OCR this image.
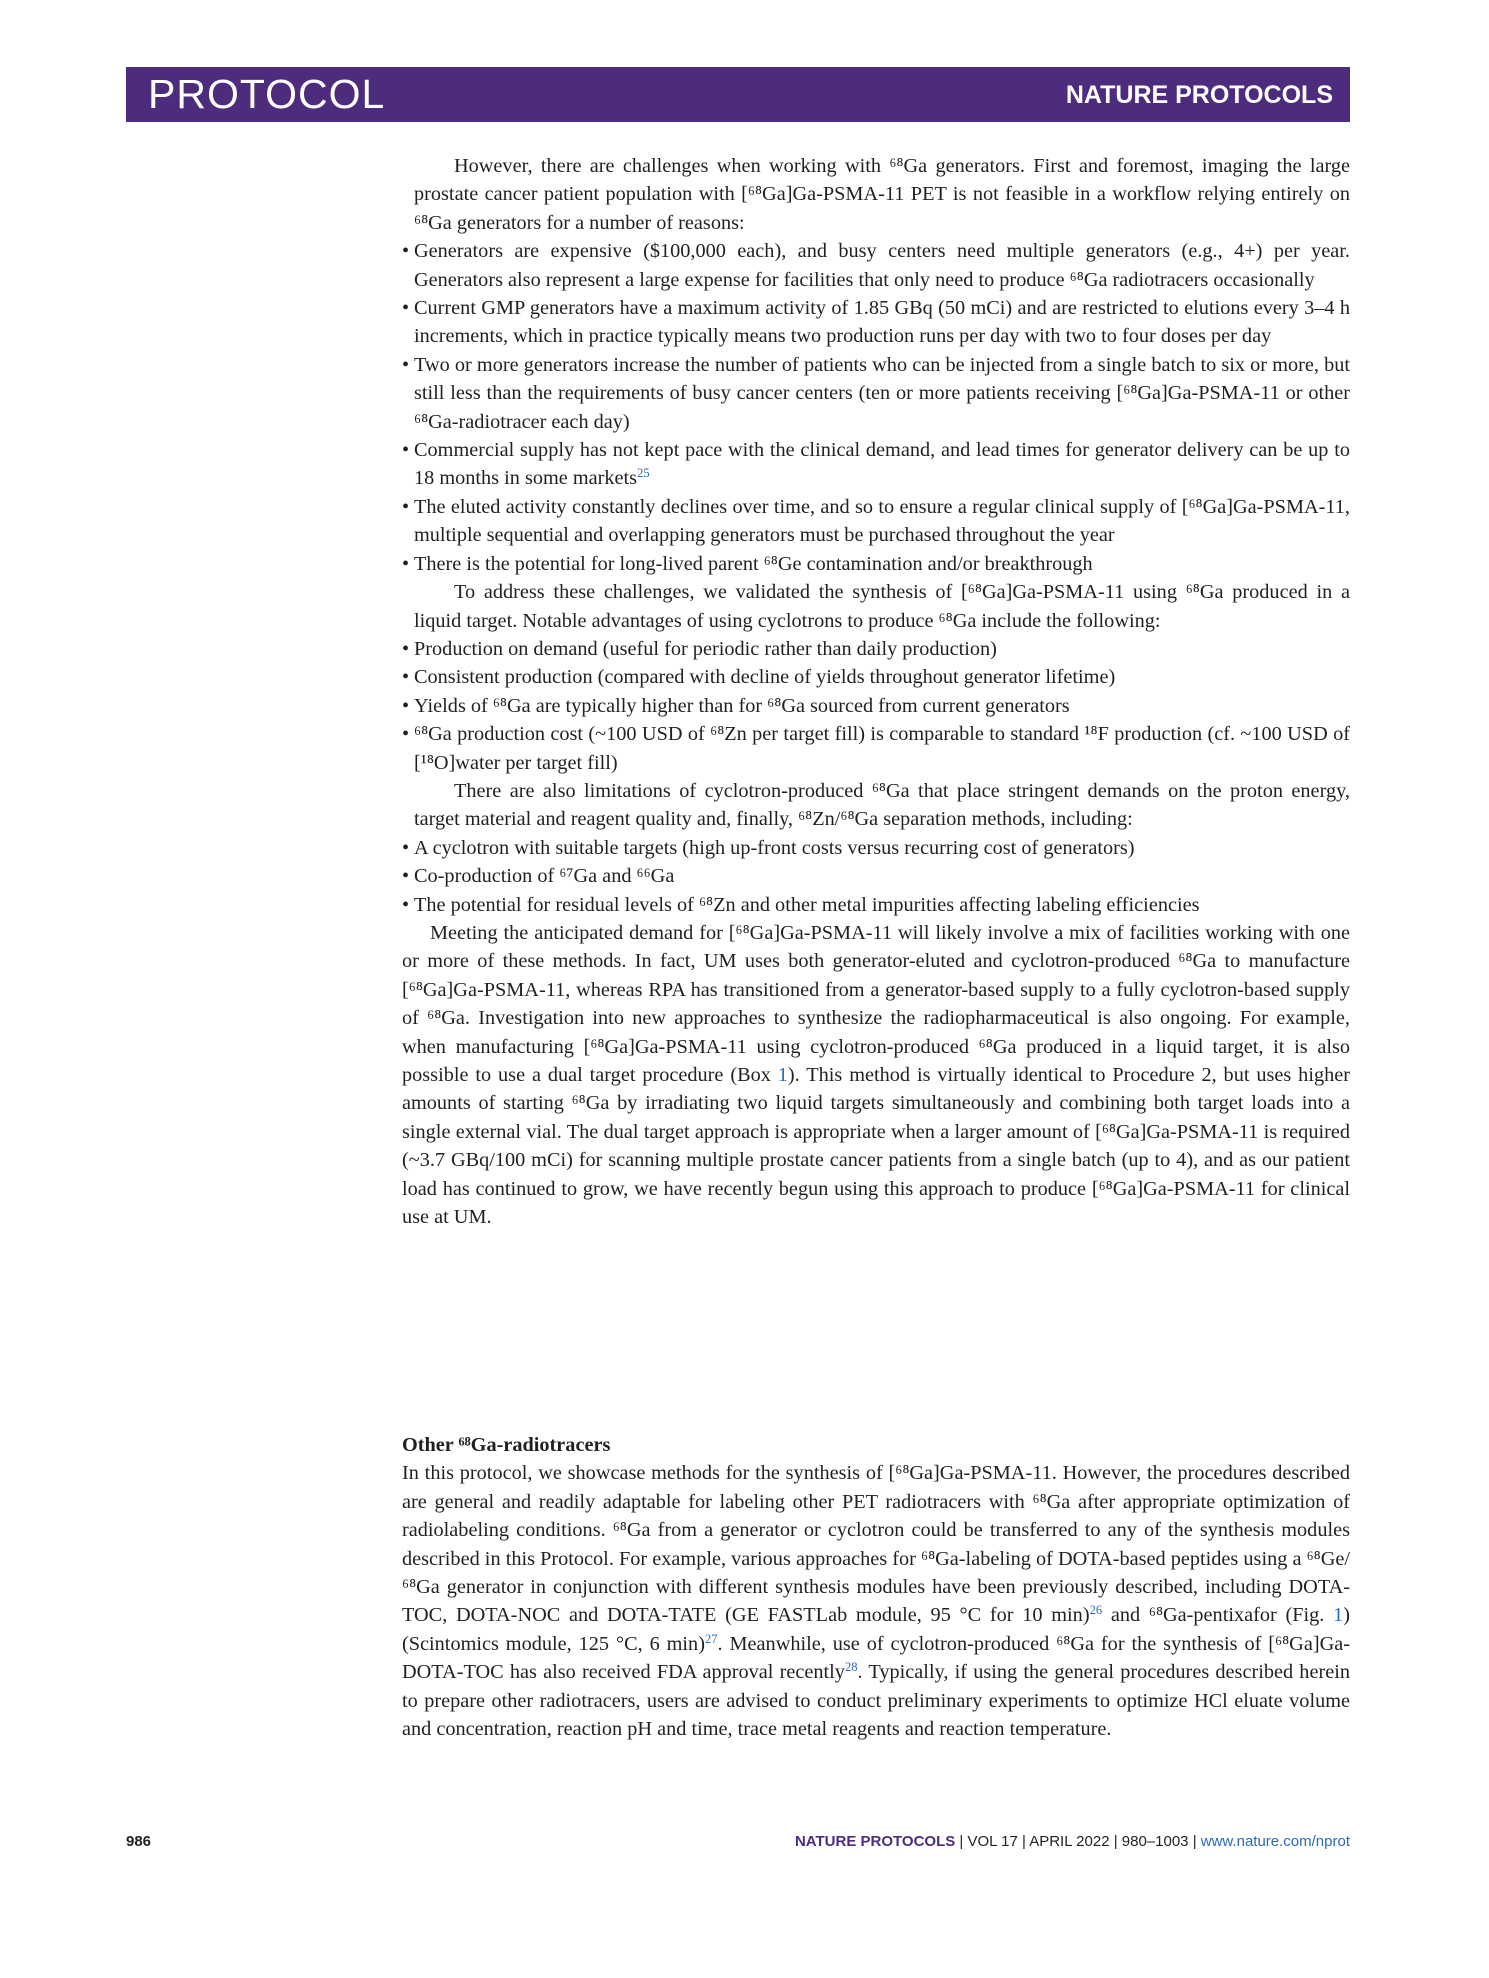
PROTOCOL	NATURE PROTOCOLS

However, there are challenges when working with ⁶⁸Ga generators. First and foremost, imaging the large prostate cancer patient population with [⁶⁸Ga]Ga-PSMA-11 PET is not feasible in a workflow relying entirely on ⁶⁸Ga generators for a number of reasons:

• Generators are expensive ($100,000 each), and busy centers need multiple generators (e.g., 4+) per year. Generators also represent a large expense for facilities that only need to produce ⁶⁸Ga radiotracers occasionally

• Current GMP generators have a maximum activity of 1.85 GBq (50 mCi) and are restricted to elutions every 3–4 h increments, which in practice typically means two production runs per day with two to four doses per day

• Two or more generators increase the number of patients who can be injected from a single batch to six or more, but still less than the requirements of busy cancer centers (ten or more patients receiving [⁶⁸Ga]Ga-PSMA-11 or other ⁶⁸Ga-radiotracer each day)

• Commercial supply has not kept pace with the clinical demand, and lead times for generator delivery can be up to 18 months in some markets$^{25}$

• The eluted activity constantly declines over time, and so to ensure a regular clinical supply of [⁶⁸Ga]Ga-PSMA-11, multiple sequential and overlapping generators must be purchased throughout the year

• There is the potential for long-lived parent ⁶⁸Ge contamination and/or breakthrough

To address these challenges, we validated the synthesis of [⁶⁸Ga]Ga-PSMA-11 using ⁶⁸Ga produced in a liquid target. Notable advantages of using cyclotrons to produce ⁶⁸Ga include the following:

• Production on demand (useful for periodic rather than daily production)

• Consistent production (compared with decline of yields throughout generator lifetime)

• Yields of ⁶⁸Ga are typically higher than for ⁶⁸Ga sourced from current generators

• ⁶⁸Ga production cost (~100 USD of ⁶⁸Zn per target fill) is comparable to standard ¹⁸F production (cf. ~100 USD of [¹⁸O]water per target fill)

There are also limitations of cyclotron-produced ⁶⁸Ga that place stringent demands on the proton energy, target material and reagent quality and, finally, ⁶⁸Zn/⁶⁸Ga separation methods, including:

• A cyclotron with suitable targets (high up-front costs versus recurring cost of generators)

• Co-production of ⁶⁷Ga and ⁶⁶Ga

• The potential for residual levels of ⁶⁸Zn and other metal impurities affecting labeling efficiencies

Meeting the anticipated demand for [⁶⁸Ga]Ga-PSMA-11 will likely involve a mix of facilities working with one or more of these methods. In fact, UM uses both generator-eluted and cyclotron-produced ⁶⁸Ga to manufacture [⁶⁸Ga]Ga-PSMA-11, whereas RPA has transitioned from a generator-based supply to a fully cyclotron-based supply of ⁶⁸Ga. Investigation into new approaches to synthesize the radiopharmaceutical is also ongoing. For example, when manufacturing [⁶⁸Ga]Ga-PSMA-11 using cyclotron-produced ⁶⁸Ga produced in a liquid target, it is also possible to use a dual target procedure (Box 1). This method is virtually identical to Procedure 2, but uses higher amounts of starting ⁶⁸Ga by irradiating two liquid targets simultaneously and combining both target loads into a single external vial. The dual target approach is appropriate when a larger amount of [⁶⁸Ga]Ga-PSMA-11 is required (~3.7 GBq/100 mCi) for scanning multiple prostate cancer patients from a single batch (up to 4), and as our patient load has continued to grow, we have recently begun using this approach to produce [⁶⁸Ga]Ga-PSMA-11 for clinical use at UM.

Other ⁶⁸Ga-radiotracers

In this protocol, we showcase methods for the synthesis of [⁶⁸Ga]Ga-PSMA-11. However, the procedures described are general and readily adaptable for labeling other PET radiotracers with ⁶⁸Ga after appropriate optimization of radiolabeling conditions. ⁶⁸Ga from a generator or cyclotron could be transferred to any of the synthesis modules described in this Protocol. For example, various approaches for ⁶⁸Ga-labeling of DOTA-based peptides using a ⁶⁸Ge/⁶⁸Ga generator in conjunction with different synthesis modules have been previously described, including DOTA-TOC, DOTA-NOC and DOTA-TATE (GE FASTLab module, 95 °C for 10 min)$^{26}$ and ⁶⁸Ga-pentixafor (Fig. 1) (Scintomics module, 125 °C, 6 min)$^{27}$. Meanwhile, use of cyclotron-produced ⁶⁸Ga for the synthesis of [⁶⁸Ga]Ga-DOTA-TOC has also received FDA approval recently$^{28}$. Typically, if using the general procedures described herein to prepare other radiotracers, users are advised to conduct preliminary experiments to optimize HCl eluate volume and concentration, reaction pH and time, trace metal reagents and reaction temperature.

986	NATURE PROTOCOLS | VOL 17 | APRIL 2022 | 980–1003 | www.nature.com/nprot
